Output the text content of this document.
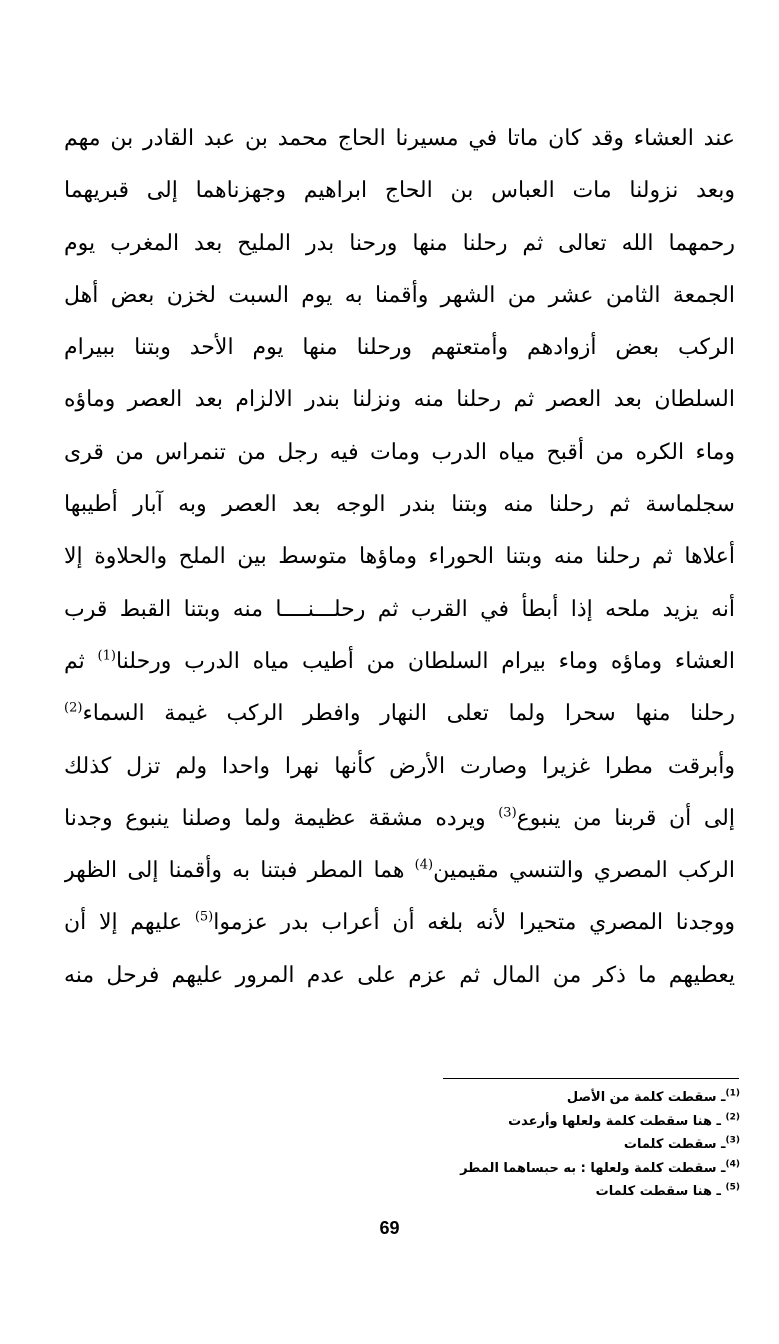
عند العشاء وقد كان ماتا في مسيرنا الحاج محمد بن عبد القادر بن مهم
وبعد نزولنا مات العباس بن الحاج ابراهيم وجهزناهما إلى قبريهما
رحمهما الله تعالى ثم رحلنا منها ورحنا بدر المليح بعد المغرب يوم
الجمعة الثامن عشر من الشهر وأقمنا به يوم السبت لخزن بعض أهل
الركب بعض أزوادهم وأمتعتهم ورحلنا منها يوم الأحد وبتنا ببيرام
السلطان بعد العصر ثم رحلنا منه ونزلنا بندر الالزام بعد العصر وماؤه
وماء الكره من أقبح مياه الدرب ومات فيه رجل من تنمراس من قرى
سجلماسة ثم رحلنا منه وبتنا بندر الوجه بعد العصر وبه آبار أطيبها
أعلاها ثم رحلنا منه وبتنا الحوراء وماؤها متوسط بين الملح والحلاوة إلا
أنه يزيد ملحه إذا أبطأ في القرب ثم رحلـــنــــا منه وبتنا القبط قرب
العشاء وماؤه وماء بيرام السلطان من أطيب مياه الدرب ورحلنا$^{(1)}$ ثم
رحلنا منها سحرا ولما تعلى النهار وافطر الركب غيمة السماء$^{(2)}$
وأبرقت مطرا غزيرا وصارت الأرض كأنها نهرا واحدا ولم تزل كذلك
إلى أن قربنا من ينبوع$^{(3)}$ ويرده مشقة عظيمة ولما وصلنا ينبوع وجدنا
الركب المصري والتنسي مقيمين$^{(4)}$ هما المطر فبتنا به وأقمنا إلى الظهر
ووجدنا المصري متحيرا لأنه بلغه أن أعراب بدر عزموا$^{(5)}$ عليهم إلا أن
يعطيهم ما ذكر من المال ثم عزم على عدم المرور عليهم فرحل منه
$^{(1)}$ـ سقطت كلمة من الأصل
$^{(2)}$ ـ هنا سقطت كلمة ولعلها وأرعدت
$^{(3)}$ـ سقطت كلمات
$^{(4)}$ـ سقطت كلمة ولعلها : به حبساهما المطر
$^{(5)}$ ـ هنا سقطت كلمات
69
